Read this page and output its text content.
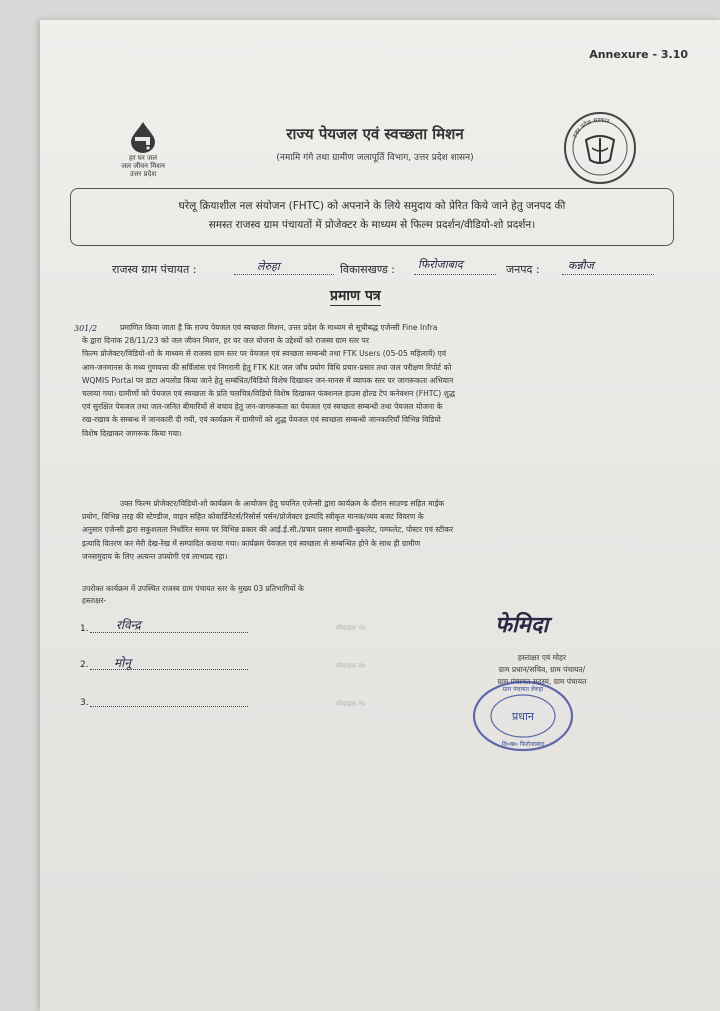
Annexure - 3.10
हर घर जल
जल जीवन मिशन
उत्तर प्रदेश
उत्तर प्रदेश सरकार
राज्य पेयजल एवं स्वच्छता मिशन
(नमामि गंगे तथा ग्रामीण जलापूर्ति विभाग, उत्तर प्रदेश शासन)
घरेलू क्रियाशील नल संयोजन (FHTC) को अपनाने के लिये समुदाय को प्रेरित किये जाने हेतु जनपद की
समस्त राजस्व ग्राम पंचायतों में प्रोजेक्टर के माध्यम से फिल्म प्रदर्शन/वीडियो-शो प्रदर्शन।
राजस्व ग्राम पंचायत :	लेरुहा	विकासखण्ड : फिरोजाबाद	जनपद :	कन्नौज
प्रमाण पत्र
301/2	प्रमाणित किया जाता है कि राज्य पेयजल एवं स्वच्छता मिशन, उत्तर प्रदेश के माध्यम से सूचीबद्ध एजेन्सी Fine Infra
के द्वारा दिनांक 28/11/23 को जल जीवन मिशन, हर घर जल योजना के उद्देश्यों को राजस्व ग्राम स्तर पर
फिल्म प्रोजेक्टर/विडियो-शो के माध्यम से राजस्व ग्राम स्तर पर पेयजल एवं स्वच्छता सम्बन्धी तथा FTK Users (05-05 महिलायें) एवं
आम-जनमानस के मध्य गुणवत्ता की सर्विलांस एवं निगरानी हेतु FTK Kit जल जाँच प्रयोग विधि प्रचार-प्रसार तथा जल परीक्षण रिपोर्ट को
WQMIS Portal पर डाटा अपलोड किया जाने हेतु सम्बंधित/विडियो विशेष दिखाकर जन-मानस में व्यापक स्तर पर जागरूकता अभियान
चलाया गया। ग्रामीणों को पेयजल एवं स्वच्छता के प्रति चलचित्र/विडियो विशेष दिखाकर फंक्शनल हाउस होल्ड टेप कनेक्शन (FHTC) शुद्ध
एवं सुरक्षित पेयजल तथा जल-जनित बीमारियों से बचाव हेतु जन-जागरूकता का पेयजल एवं स्वच्छता सम्बन्धी तथा पेयजल योजना के
रख-रखाव के सम्बन्ध में जानकारी दी गयी, एवं कार्यक्रम में ग्रामीणों को शुद्ध पेयजल एवं स्वच्छता सम्बन्धी जानकारियाँ विभिन्न विडियो
विशेष दिखाकर जागरूक किया गया।
उक्त फिल्म प्रोजेक्टर/विडियो-शो कार्यक्रम के आयोजन हेतु चयनित एजेन्सी द्वारा कार्यक्रम के दौरान साउण्ड सहित माईक
प्रयोग, विभिन्न तरह की स्टेण्डीज, वाहन सहित कोवार्डिनेटर्स/रिसोर्स पर्सन/प्रोजेक्टर इत्यादि स्वीकृत मानक/व्यय बजट विवरण के
अनुसार एजेन्सी द्वारा सकुशलता निर्धारित समय पर विभिन्न प्रकार की आई.ई.सी./प्रचार प्रसार सामग्री-बुकलेट, पम्फलेट, पोस्टर एवं स्टीकर
इत्यादि वितरण कर मेरी देख-रेख में सम्पादित कराया गया। कार्यक्रम पेयजल एवं स्वच्छता से सम्बन्धित होने के साथ ही ग्रामीण
जनसमुदाय के लिए अत्यन्त उपयोगी एवं लाभप्रद रहा।
उपरोक्त कार्यक्रम में उपस्थित राजस्व ग्राम पंचायत स्तर के मुख्य 03 प्रतिभागियों के
हस्ताक्षर-
1. रविन्द्र
2. मोनू
3.
मोबाइल नं०
मोबाइल नं०
मोबाइल नं०
फेमिदा
हस्ताक्षर एवं मोहर
ग्राम प्रधान/सचिव, ग्राम पंचायत/
ग्राम पंचायत सदस्य, ग्राम पंचायत
प्रधान
ग्राम पंचायत लेरुहा
वि०ख० फिरोजाबाद
